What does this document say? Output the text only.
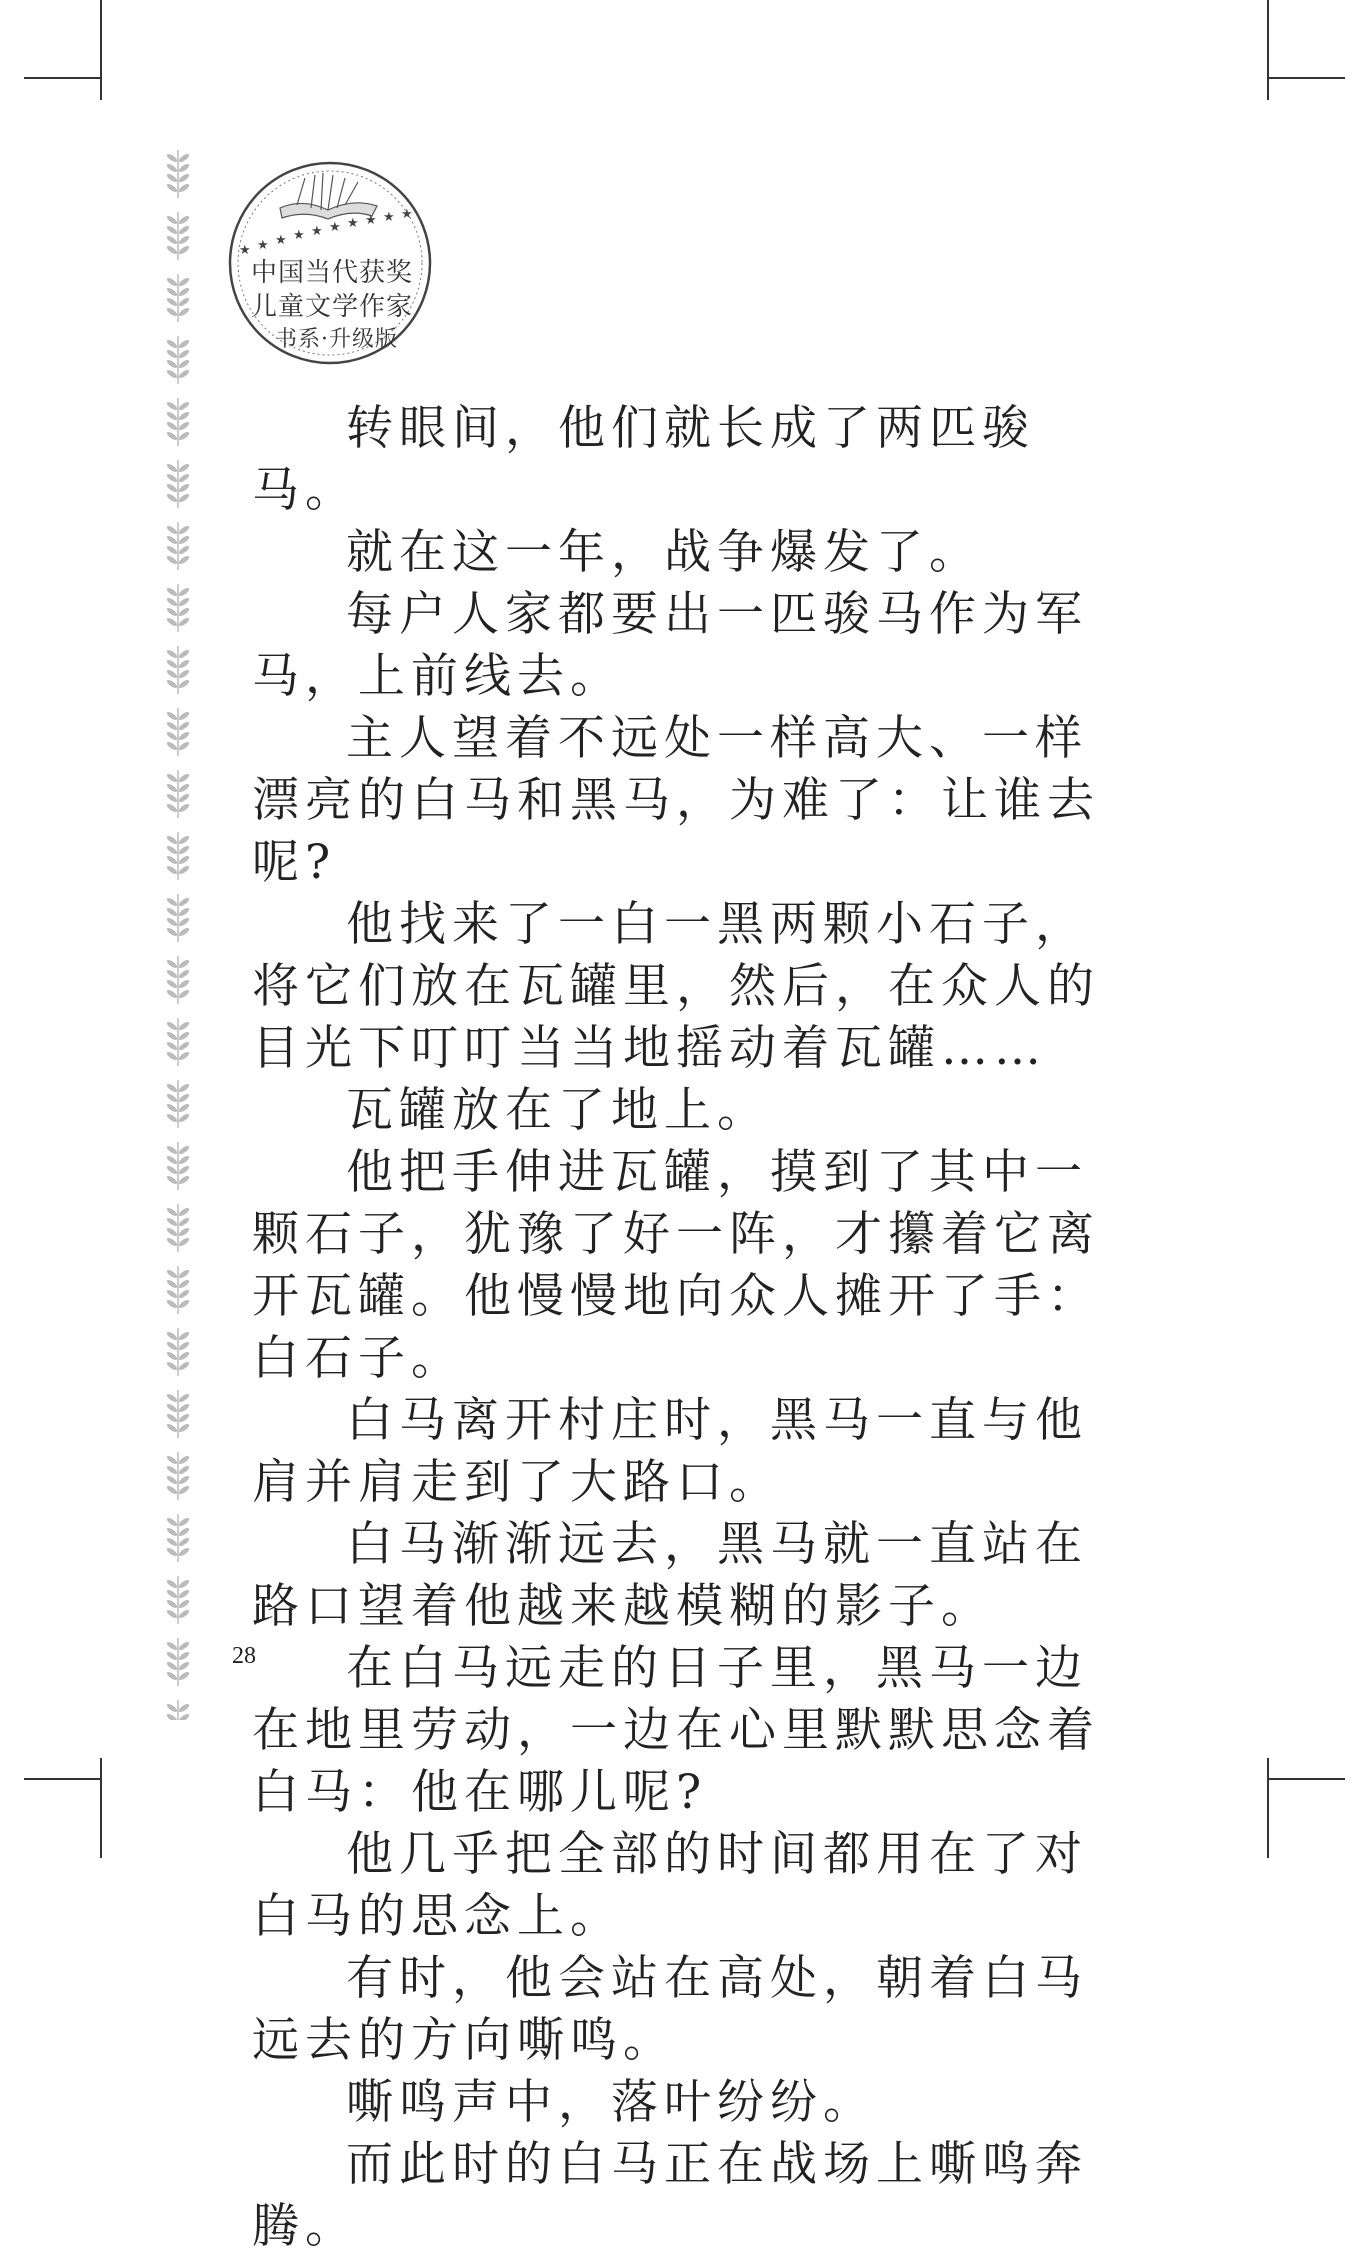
★ ★ ★ ★ ★ ★ ★ ★ ★ ★
中国当代获奖
儿童文学作家
书系·升级版

转眼间，他们就长成了两匹骏马。

就在这一年，战争爆发了。

每户人家都要出一匹骏马作为军马，上前线去。

主人望着不远处一样高大、一样漂亮的白马和黑马，为难了：让谁去呢?

他找来了一白一黑两颗小石子，将它们放在瓦罐里，然后，在众人的目光下叮叮当当地摇动着瓦罐……

瓦罐放在了地上。

他把手伸进瓦罐，摸到了其中一颗石子，犹豫了好一阵，才攥着它离开瓦罐。他慢慢地向众人摊开了手：白石子。

白马离开村庄时，黑马一直与他肩并肩走到了大路口。

白马渐渐远去，黑马就一直站在路口望着他越来越模糊的影子。

在白马远走的日子里，黑马一边在地里劳动，一边在心里默默思念着白马：他在哪儿呢?

他几乎把全部的时间都用在了对白马的思念上。

有时，他会站在高处，朝着白马远去的方向嘶鸣。

嘶鸣声中，落叶纷纷。

而此时的白马正在战场上嘶鸣奔腾。

28
